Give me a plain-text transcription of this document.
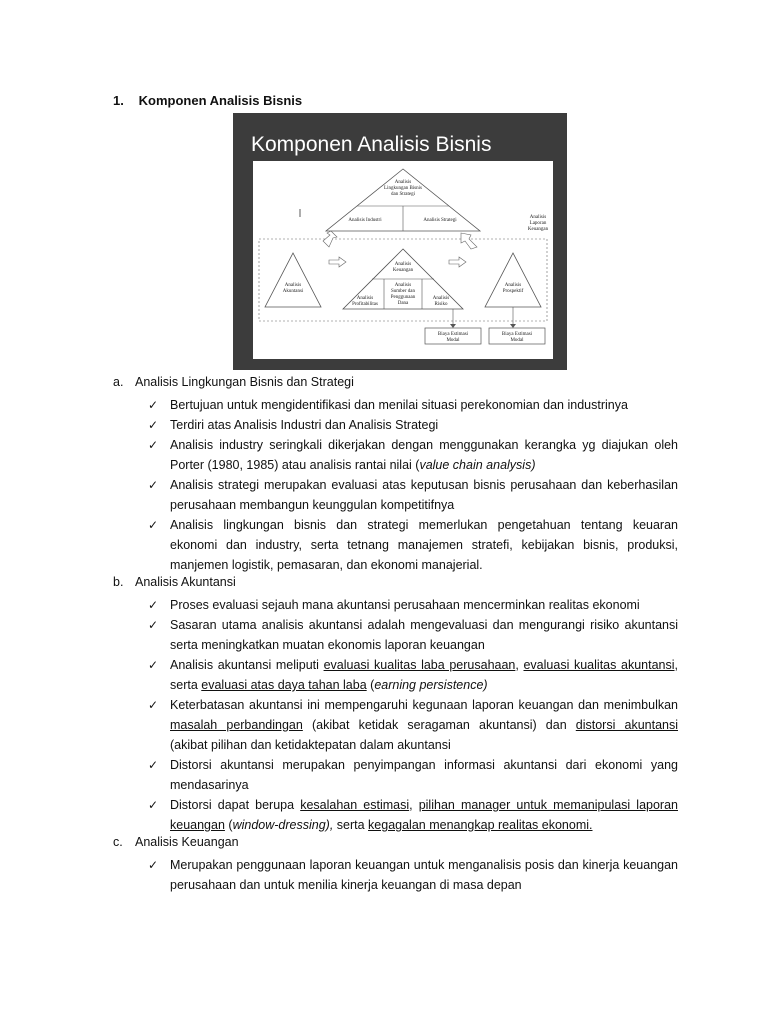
1. Komponen Analisis Bisnis
Komponen Analisis Bisnis
Analisis
Lingkungan Bisnis
dan Strategi
Analisis Industri	Analisis Strategi
Analisis
Laporan
Keuangan
Analisis
Akuntansi
Analisis
Keuangan
Analisis
Profitabilitas
Analisis
Sumber dan
Penggunaan
Dana
Analisis
Risiko
Analisis
Prospektif
Biaya Estimasi
Modal
Biaya Estimasi
Modal
a. Analisis Lingkungan Bisnis dan Strategi
✓ Bertujuan untuk mengidentifikasi dan menilai situasi perekonomian dan industrinya
✓ Terdiri atas Analisis Industri dan Analisis Strategi
✓ Analisis industry seringkali dikerjakan dengan menggunakan kerangka yg diajukan oleh
Porter (1980, 1985) atau analisis rantai nilai (value chain analysis)
✓ Analisis strategi merupakan evaluasi atas keputusan bisnis perusahaan dan keberhasilan
perusahaan membangun keunggulan kompetitifnya
✓ Analisis lingkungan bisnis dan strategi memerlukan pengetahuan tentang keuaran
ekonomi dan industry, serta tetnang manajemen stratefi, kebijakan bisnis, produksi,
manjemen logistik, pemasaran, dan ekonomi manajerial.
b. Analisis Akuntansi
✓ Proses evaluasi sejauh mana akuntansi perusahaan mencerminkan realitas ekonomi
✓ Sasaran utama analisis akuntansi adalah mengevaluasi dan mengurangi risiko akuntansi
serta meningkatkan muatan ekonomis laporan keuangan
✓ Analisis akuntansi meliputi evaluasi kualitas laba perusahaan, evaluasi kualitas akuntansi,
serta evaluasi atas daya tahan laba (earning persistence)
✓ Keterbatasan akuntansi ini mempengaruhi kegunaan laporan keuangan dan menimbulkan
masalah perbandingan (akibat ketidak seragaman akuntansi) dan distorsi akuntansi
(akibat pilihan dan ketidaktepatan dalam akuntansi
✓ Distorsi akuntansi merupakan penyimpangan informasi akuntansi dari ekonomi yang
mendasarinya
✓ Distorsi dapat berupa kesalahan estimasi, pilihan manager untuk memanipulasi laporan
keuangan (window-dressing), serta kegagalan menangkap realitas ekonomi.
c. Analisis Keuangan
✓ Merupakan penggunaan laporan keuangan untuk menganalisis posis dan kinerja keuangan
perusahaan dan untuk menilia kinerja keuangan di masa depan
